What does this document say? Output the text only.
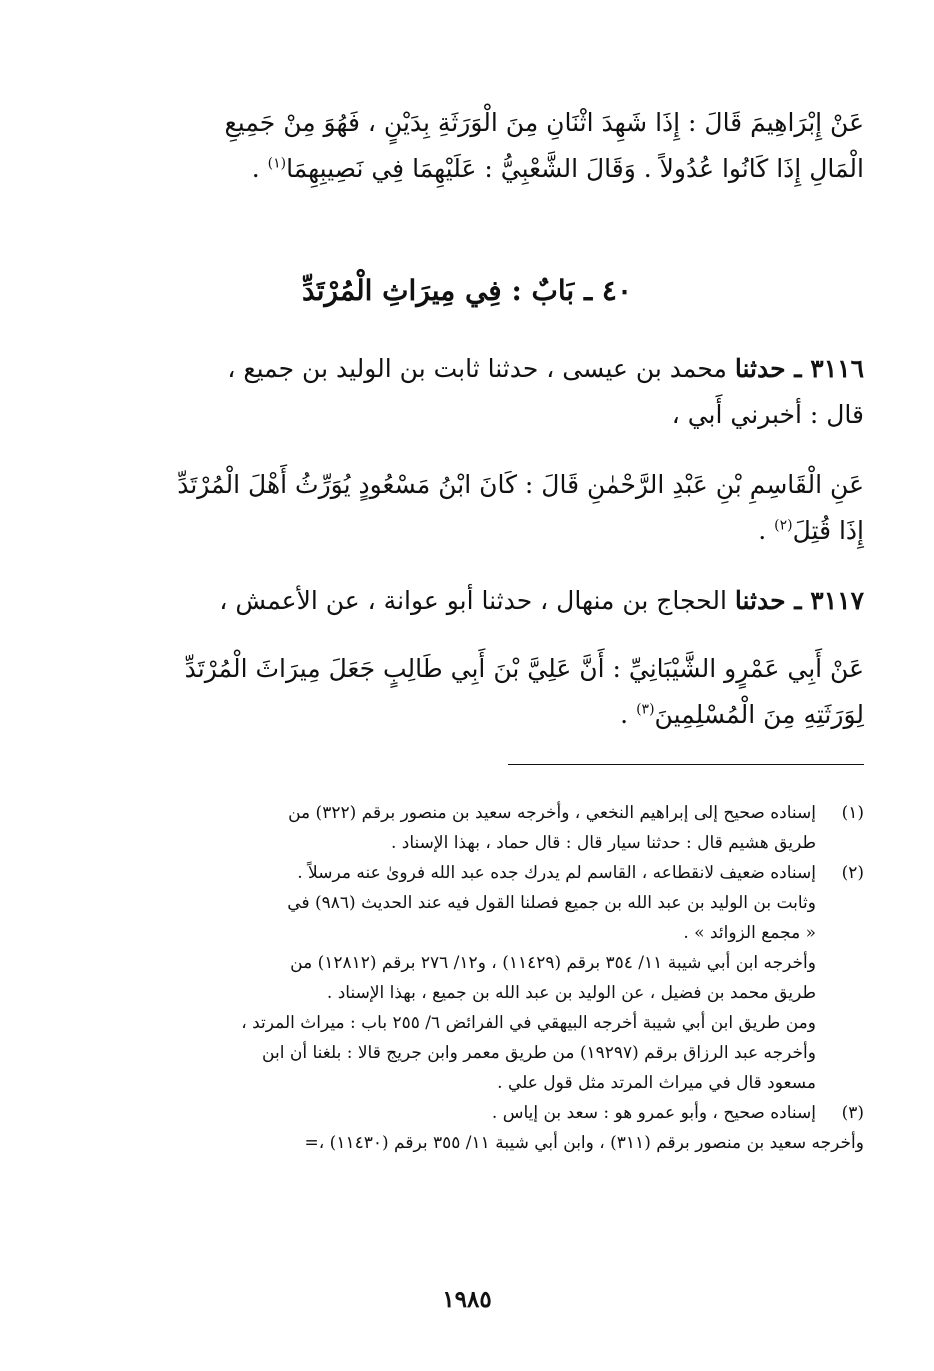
عَنْ إِبْرَاهِيمَ قَالَ : إِذَا شَهِدَ اثْنَانِ مِنَ الْوَرَثَةِ بِدَيْنٍ ، فَهُوَ مِنْ جَمِيعِ

الْمَالِ إِذَا كَانُوا عُدُولاً . وَقَالَ الشَّعْبِيُّ : عَلَيْهِمَا فِي نَصِيبِهِمَا$^{(١)}$ .

٤٠ ـ بَابٌ : فِي مِيرَاثِ الْمُرْتَدِّ

٣١١٦ ـ حدثنا محمد بن عيسى ، حدثنا ثابت بن الوليد بن جميع ،

قال : أخبرني أَبي ،

عَنِ الْقَاسِمِ بْنِ عَبْدِ الرَّحْمٰنِ قَالَ : كَانَ ابْنُ مَسْعُودٍ يُوَرِّثُ أَهْلَ الْمُرْتَدِّ

إِذَا قُتِلَ$^{(٢)}$ .

٣١١٧ ـ حدثنا الحجاج بن منهال ، حدثنا أبو عوانة ، عن الأعمش ،

عَنْ أَبِي عَمْرٍو الشَّيْبَانِيِّ : أَنَّ عَلِيَّ بْنَ أَبِي طَالِبٍ جَعَلَ مِيرَاثَ الْمُرْتَدِّ

لِوَرَثَتِهِ مِنَ الْمُسْلِمِينَ$^{(٣)}$ .

(١)

إسناده صحيح إلى إبراهيم النخعي ، وأخرجه سعيد بن منصور برقم (٣٢٢) من

طريق هشيم قال : حدثنا سيار قال : قال حماد ، بهذا الإسناد .

(٢)

إسناده ضعيف لانقطاعه ، القاسم لم يدرك جده عبد الله فروىٰ عنه مرسلاً .

وثابت بن الوليد بن عبد الله بن جميع فصلنا القول فيه عند الحديث (٩٨٦) في

« مجمع الزوائد » .

وأخرجه ابن أبي شيبة ١١/ ٣٥٤ برقم (١١٤٢٩) ، و١٢/ ٢٧٦ برقم (١٢٨١٢) من

طريق محمد بن فضيل ، عن الوليد بن عبد الله بن جميع ، بهذا الإسناد .

ومن طريق ابن أبي شيبة أخرجه البيهقي في الفرائض ٦/ ٢٥٥ باب : ميراث المرتد ،

وأخرجه عبد الرزاق برقم (١٩٢٩٧) من طريق معمر وابن جريج قالا : بلغنا أن ابن

مسعود قال في ميراث المرتد مثل قول علي .

(٣)

إسناده صحيح ، وأبو عمرو هو : سعد بن إياس .

وأخرجه سعيد بن منصور برقم (٣١١) ، وابن أبي شيبة ١١/ ٣٥٥ برقم (١١٤٣٠) ،=

١٩٨٥
